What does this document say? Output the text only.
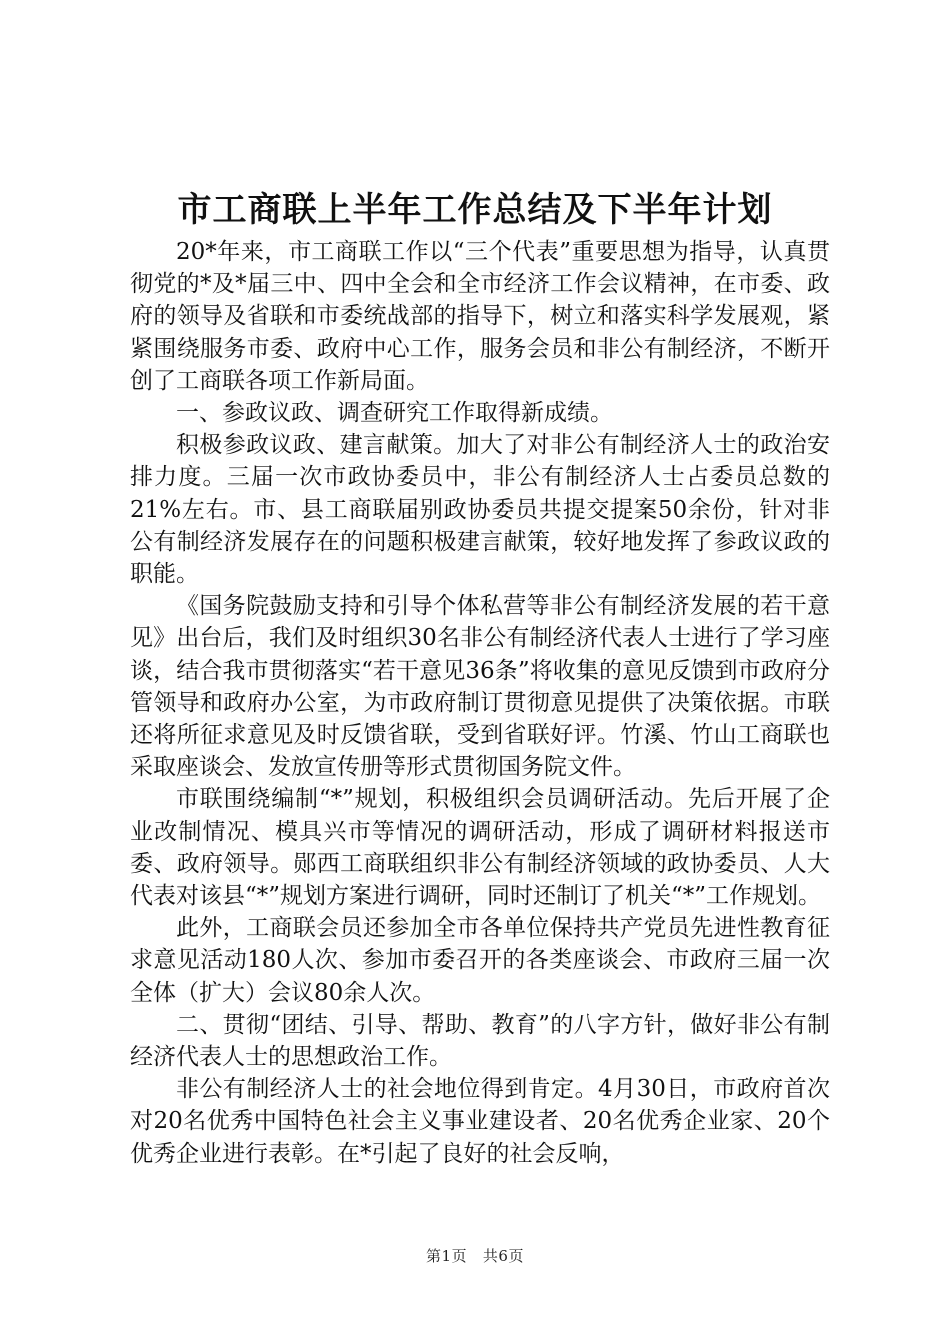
市工商联上半年工作总结及下半年计划

20*年来，市工商联工作以“三个代表”重要思想为指导，认真贯彻党的*及*届三中、四中全会和全市经济工作会议精神，在市委、政府的领导及省联和市委统战部的指导下，树立和落实科学发展观，紧紧围绕服务市委、政府中心工作，服务会员和非公有制经济，不断开创了工商联各项工作新局面。

一、参政议政、调查研究工作取得新成绩。

积极参政议政、建言献策。加大了对非公有制经济人士的政治安排力度。三届一次市政协委员中，非公有制经济人士占委员总数的21%左右。市、县工商联届别政协委员共提交提案50余份，针对非公有制经济发展存在的问题积极建言献策，较好地发挥了参政议政的职能。

《国务院鼓励支持和引导个体私营等非公有制经济发展的若干意见》出台后，我们及时组织30名非公有制经济代表人士进行了学习座谈，结合我市贯彻落实“若干意见36条”将收集的意见反馈到市政府分管领导和政府办公室，为市政府制订贯彻意见提供了决策依据。市联还将所征求意见及时反馈省联，受到省联好评。竹溪、竹山工商联也采取座谈会、发放宣传册等形式贯彻国务院文件。

市联围绕编制“*”规划，积极组织会员调研活动。先后开展了企业改制情况、模具兴市等情况的调研活动，形成了调研材料报送市委、政府领导。郧西工商联组织非公有制经济领域的政协委员、人大代表对该县“*”规划方案进行调研，同时还制订了机关“*”工作规划。

此外，工商联会员还参加全市各单位保持共产党员先进性教育征求意见活动180人次、参加市委召开的各类座谈会、市政府三届一次全体（扩大）会议80余人次。

二、贯彻“团结、引导、帮助、教育”的八字方针，做好非公有制经济代表人士的思想政治工作。

非公有制经济人士的社会地位得到肯定。4月30日，市政府首次对20名优秀中国特色社会主义事业建设者、20名优秀企业家、20个优秀企业进行表彰。在*引起了良好的社会反响，

第1页 共6页
